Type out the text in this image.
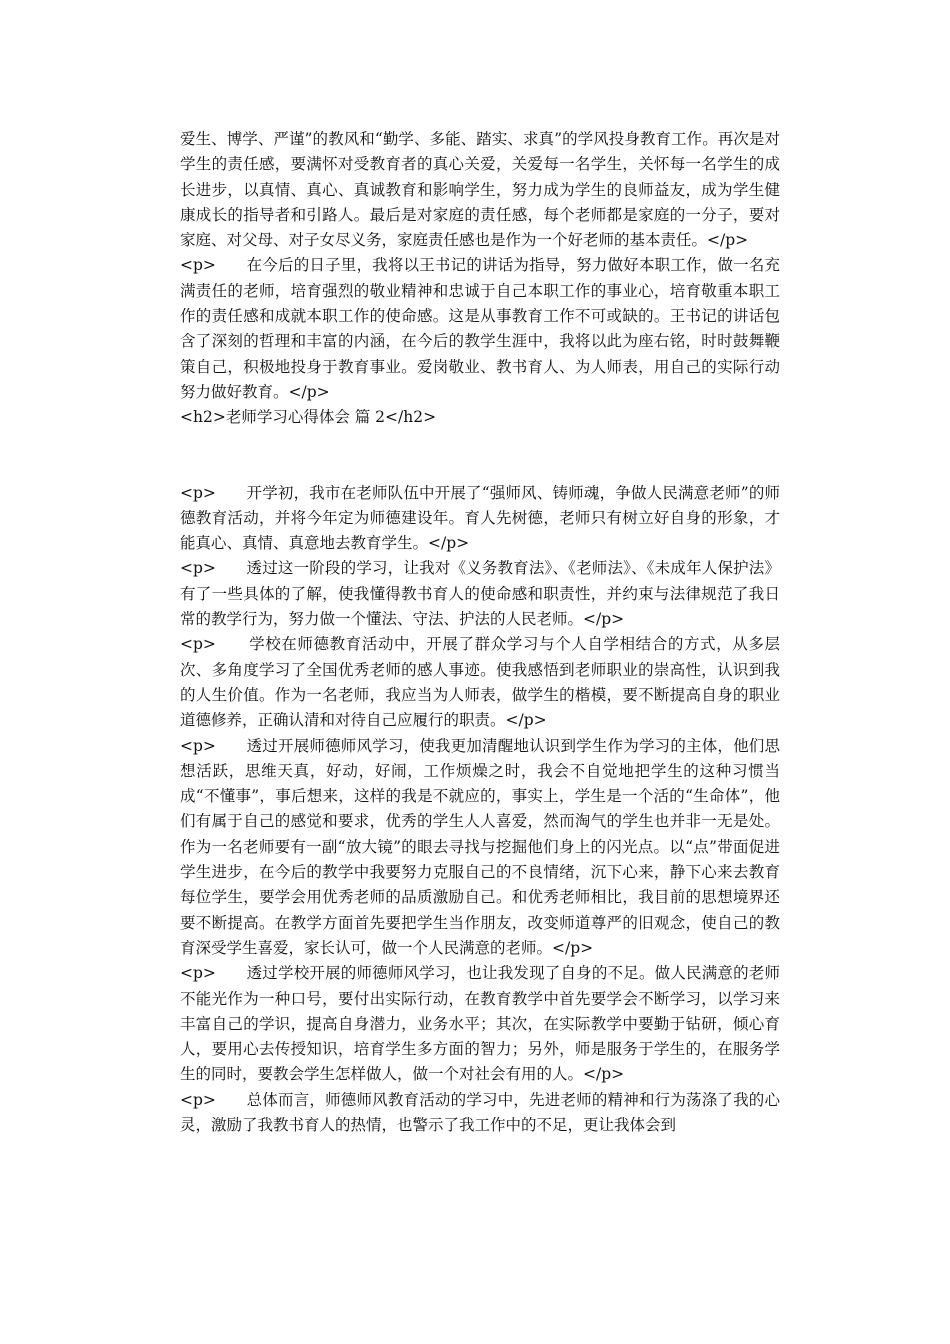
爱生、博学、严谨”的教风和“勤学、多能、踏实、求真”的学风投身教育工作。再次是对学生的责任感，要满怀对受教育者的真心关爱，关爱每一名学生，关怀每一名学生的成长进步，以真情、真心、真诚教育和影响学生，努力成为学生的良师益友，成为学生健康成长的指导者和引路人。最后是对家庭的责任感，每个老师都是家庭的一分子，要对家庭、对父母、对子女尽义务，家庭责任感也是作为一个好老师的基本责任。</p>

<p>      在今后的日子里，我将以王书记的讲话为指导，努力做好本职工作，做一名充满责任的老师，培育强烈的敬业精神和忠诚于自己本职工作的事业心，培育敬重本职工作的责任感和成就本职工作的使命感。这是从事教育工作不可或缺的。王书记的讲话包含了深刻的哲理和丰富的内涵，在今后的教学生涯中，我将以此为座右铭，时时鼓舞鞭策自己，积极地投身于教育事业。爱岗敬业、教书育人、为人师表，用自己的实际行动努力做好教育。</p>

<h2>老师学习心得体会 篇 2</h2>

<p>      开学初，我市在老师队伍中开展了“强师风、铸师魂，争做人民满意老师”的师德教育活动，并将今年定为师德建设年。育人先树德，老师只有树立好自身的形象，才能真心、真情、真意地去教育学生。</p>

<p>      透过这一阶段的学习，让我对《义务教育法》、《老师法》、《未成年人保护法》有了一些具体的了解，使我懂得教书育人的使命感和职责性，并约束与法律规范了我日常的教学行为，努力做一个懂法、守法、护法的人民老师。</p>

<p>      学校在师德教育活动中，开展了群众学习与个人自学相结合的方式，从多层次、多角度学习了全国优秀老师的感人事迹。使我感悟到老师职业的崇高性，认识到我的人生价值。作为一名老师，我应当为人师表，做学生的楷模，要不断提高自身的职业道德修养，正确认清和对待自己应履行的职责。</p>

<p>      透过开展师德师风学习，使我更加清醒地认识到学生作为学习的主体，他们思想活跃，思维天真，好动，好闹，工作烦燥之时，我会不自觉地把学生的这种习惯当成“不懂事”，事后想来，这样的我是不就应的，事实上，学生是一个活的“生命体”，他们有属于自己的感觉和要求，优秀的学生人人喜爱，然而淘气的学生也并非一无是处。作为一名老师要有一副“放大镜”的眼去寻找与挖掘他们身上的闪光点。以“点”带面促进学生进步，在今后的教学中我要努力克服自己的不良情绪，沉下心来，静下心来去教育每位学生，要学会用优秀老师的品质激励自己。和优秀老师相比，我目前的思想境界还要不断提高。在教学方面首先要把学生当作朋友，改变师道尊严的旧观念，使自己的教育深受学生喜爱，家长认可，做一个人民满意的老师。</p>

<p>      透过学校开展的师德师风学习，也让我发现了自身的不足。做人民满意的老师不能光作为一种口号，要付出实际行动，在教育教学中首先要学会不断学习，以学习来丰富自己的学识，提高自身潜力，业务水平；其次，在实际教学中要勤于钻研，倾心育人，要用心去传授知识，培育学生多方面的智力；另外，师是服务于学生的，在服务学生的同时，要教会学生怎样做人，做一个对社会有用的人。</p>

<p>      总体而言，师德师风教育活动的学习中，先进老师的精神和行为荡涤了我的心灵，激励了我教书育人的热情，也警示了我工作中的不足，更让我体会到
